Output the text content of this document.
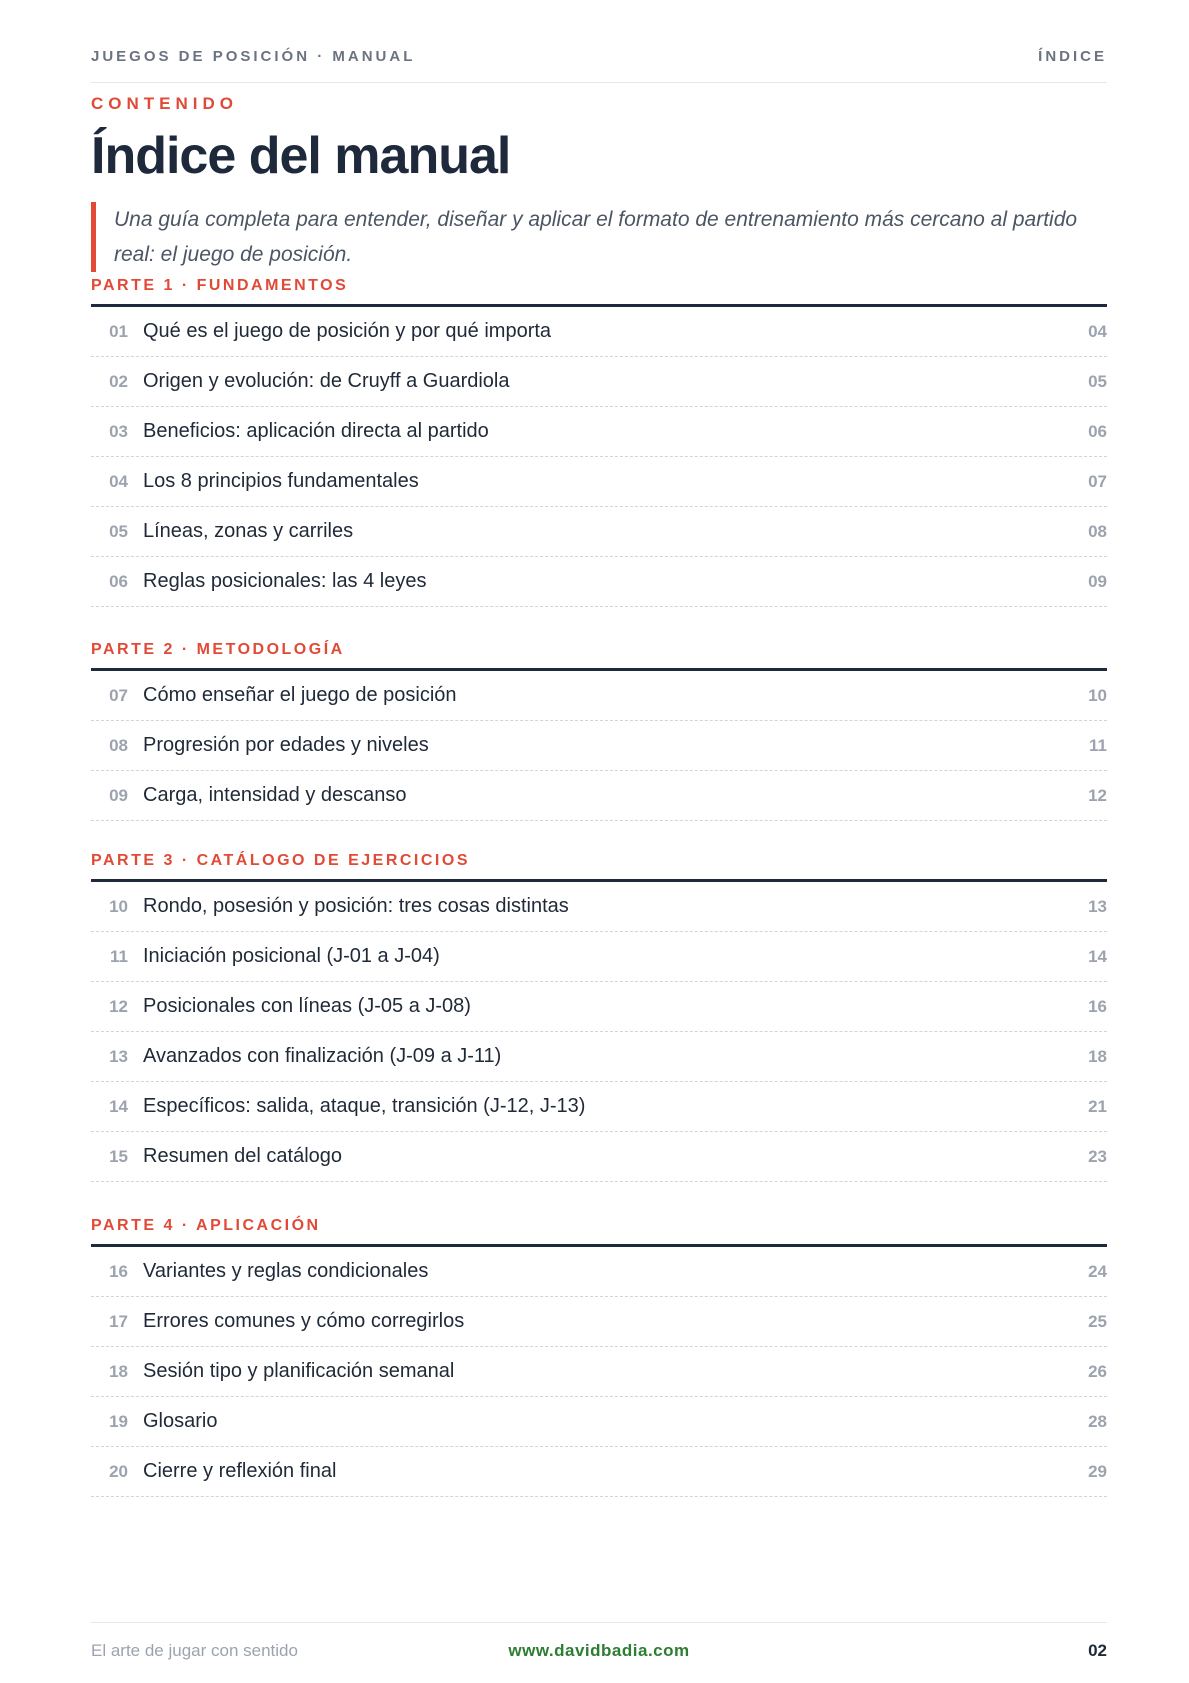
JUEGOS DE POSICIÓN · MANUAL	ÍNDICE
CONTENIDO
Índice del manual
Una guía completa para entender, diseñar y aplicar el formato de entrenamiento más cercano al partido real: el juego de posición.
PARTE 1 · FUNDAMENTOS
01 Qué es el juego de posición y por qué importa	04
02 Origen y evolución: de Cruyff a Guardiola	05
03 Beneficios: aplicación directa al partido	06
04 Los 8 principios fundamentales	07
05 Líneas, zonas y carriles	08
06 Reglas posicionales: las 4 leyes	09
PARTE 2 · METODOLOGÍA
07 Cómo enseñar el juego de posición	10
08 Progresión por edades y niveles	11
09 Carga, intensidad y descanso	12
PARTE 3 · CATÁLOGO DE EJERCICIOS
10 Rondo, posesión y posición: tres cosas distintas	13
11 Iniciación posicional (J-01 a J-04)	14
12 Posicionales con líneas (J-05 a J-08)	16
13 Avanzados con finalización (J-09 a J-11)	18
14 Específicos: salida, ataque, transición (J-12, J-13)	21
15 Resumen del catálogo	23
PARTE 4 · APLICACIÓN
16 Variantes y reglas condicionales	24
17 Errores comunes y cómo corregirlos	25
18 Sesión tipo y planificación semanal	26
19 Glosario	28
20 Cierre y reflexión final	29
El arte de jugar con sentido	www.davidbadia.com	02
